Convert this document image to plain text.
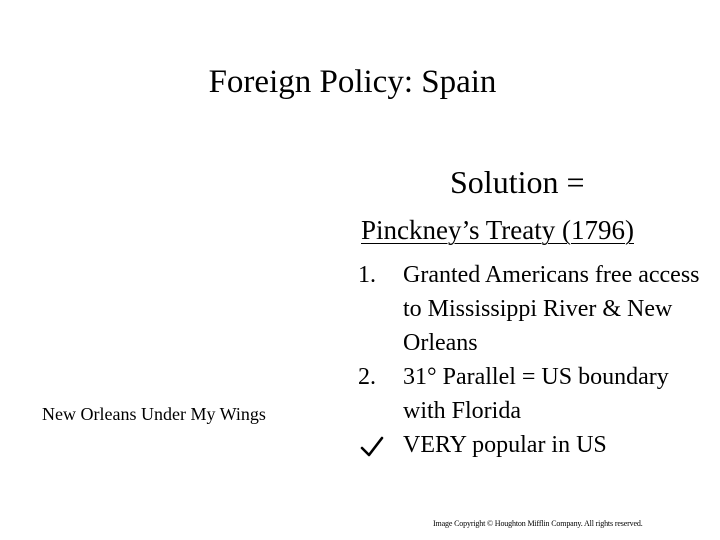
Foreign Policy: Spain
Solution =
Pinckney’s Treaty (1796)
1. Granted Americans free access to Mississippi River & New Orleans
2. 31° Parallel = US boundary with Florida
VERY popular in US
New Orleans Under My Wings
Image Copyright © Houghton Mifflin Company. All rights reserved.
